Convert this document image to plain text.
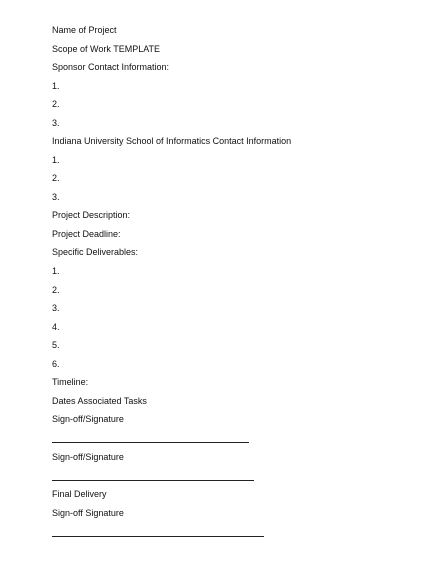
Name of Project
Scope of Work TEMPLATE
Sponsor Contact Information:
1.
2.
3.
Indiana University School of Informatics Contact Information
1.
2.
3.
Project Description:
Project Deadline:
Specific Deliverables:
1.
2.
3.
4.
5.
6.
Timeline:
Dates Associated Tasks
Sign-off/Signature
Sign-off/Signature
Final Delivery
Sign-off Signature
